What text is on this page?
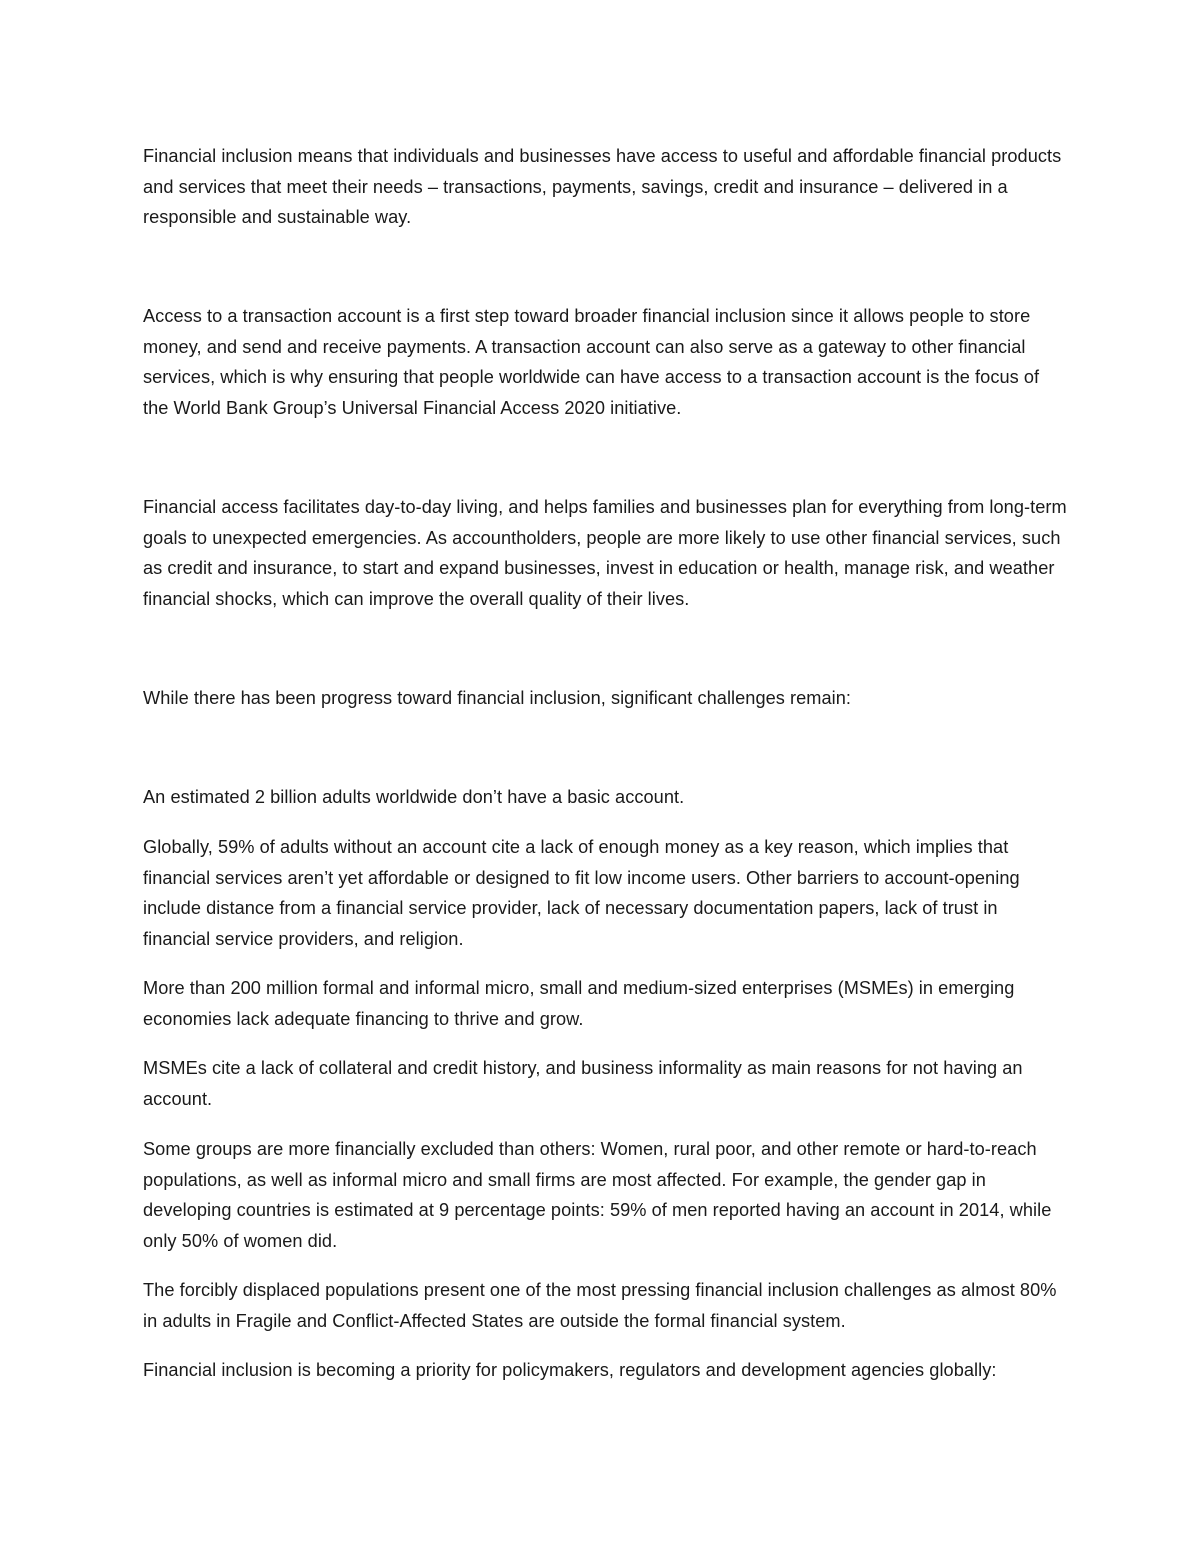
Financial inclusion means that individuals and businesses have access to useful and affordable financial products and services that meet their needs – transactions, payments, savings, credit and insurance – delivered in a responsible and sustainable way.

Access to a transaction account is a first step toward broader financial inclusion since it allows people to store money, and send and receive payments. A transaction account can also serve as a gateway to other financial services, which is why ensuring that people worldwide can have access to a transaction account is the focus of the World Bank Group’s Universal Financial Access 2020 initiative.

Financial access facilitates day-to-day living, and helps families and businesses plan for everything from long-term goals to unexpected emergencies. As accountholders, people are more likely to use other financial services, such as credit and insurance, to start and expand businesses, invest in education or health, manage risk, and weather financial shocks, which can improve the overall quality of their lives.

While there has been progress toward financial inclusion, significant challenges remain:

An estimated 2 billion adults worldwide don’t have a basic account.

Globally, 59% of adults without an account cite a lack of enough money as a key reason, which implies that financial services aren’t yet affordable or designed to fit low income users. Other barriers to account-opening include distance from a financial service provider, lack of necessary documentation papers, lack of trust in financial service providers, and religion.

More than 200 million formal and informal micro, small and medium-sized enterprises (MSMEs) in emerging economies lack adequate financing to thrive and grow.

MSMEs cite a lack of collateral and credit history, and business informality as main reasons for not having an account.

Some groups are more financially excluded than others: Women, rural poor, and other remote or hard-to-reach populations, as well as informal micro and small firms are most affected. For example, the gender gap in developing countries is estimated at 9 percentage points: 59% of men reported having an account in 2014, while only 50% of women did.

The forcibly displaced populations present one of the most pressing financial inclusion challenges as almost 80% in adults in Fragile and Conflict-Affected States are outside the formal financial system.

Financial inclusion is becoming a priority for policymakers, regulators and development agencies globally:
